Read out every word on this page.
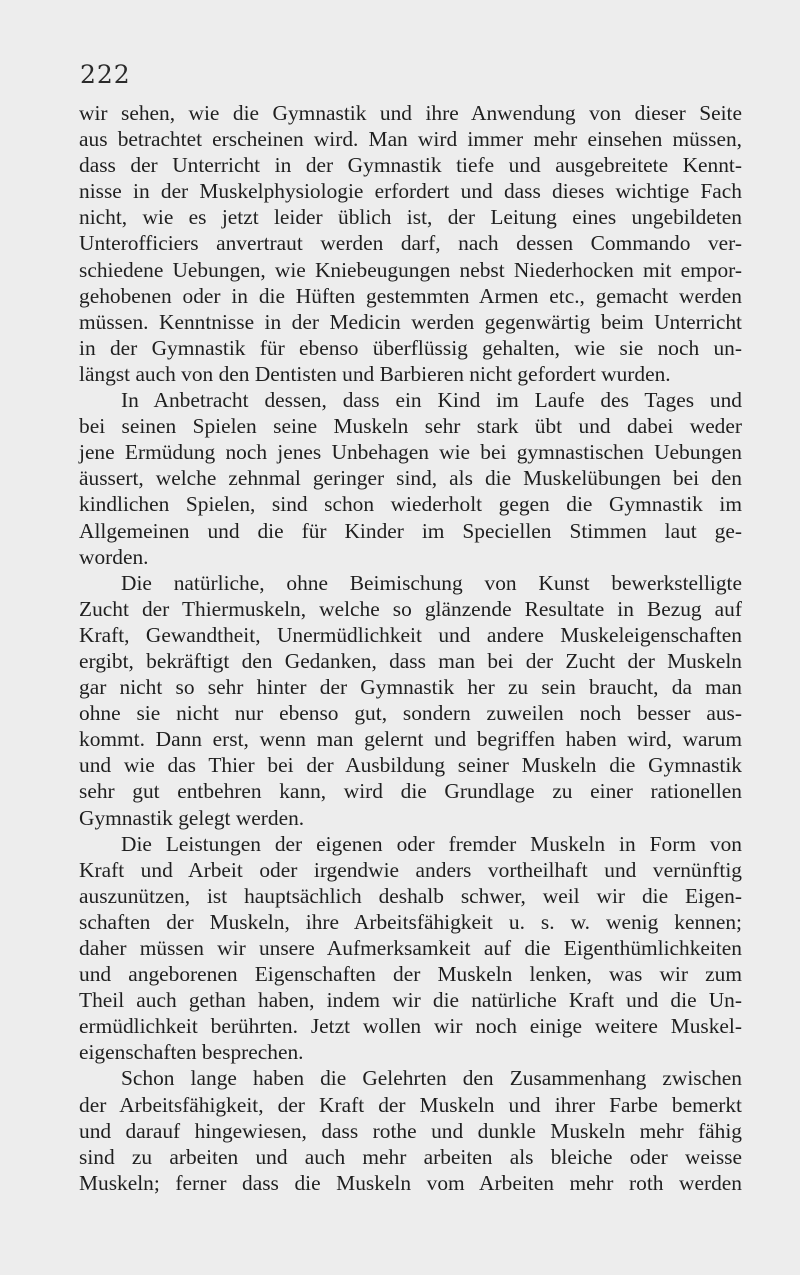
222
wir sehen, wie die Gymnastik und ihre Anwendung von dieser Seite
aus betrachtet erscheinen wird. Man wird immer mehr einsehen müssen,
dass der Unterricht in der Gymnastik tiefe und ausgebreitete Kennt-
nisse in der Muskelphysiologie erfordert und dass dieses wichtige Fach
nicht, wie es jetzt leider üblich ist, der Leitung eines ungebildeten
Unterofficiers anvertraut werden darf, nach dessen Commando ver-
schiedene Uebungen, wie Kniebeugungen nebst Niederhocken mit empor-
gehobenen oder in die Hüften gestemmten Armen etc., gemacht werden
müssen. Kenntnisse in der Medicin werden gegenwärtig beim Unterricht
in der Gymnastik für ebenso überflüssig gehalten, wie sie noch un-
längst auch von den Dentisten und Barbieren nicht gefordert wurden.
In Anbetracht dessen, dass ein Kind im Laufe des Tages und
bei seinen Spielen seine Muskeln sehr stark übt und dabei weder
jene Ermüdung noch jenes Unbehagen wie bei gymnastischen Uebungen
äussert, welche zehnmal geringer sind, als die Muskelübungen bei den
kindlichen Spielen, sind schon wiederholt gegen die Gymnastik im
Allgemeinen und die für Kinder im Speciellen Stimmen laut ge-
worden.
Die natürliche, ohne Beimischung von Kunst bewerkstelligte
Zucht der Thiermuskeln, welche so glänzende Resultate in Bezug auf
Kraft, Gewandtheit, Unermüdlichkeit und andere Muskeleigenschaften
ergibt, bekräftigt den Gedanken, dass man bei der Zucht der Muskeln
gar nicht so sehr hinter der Gymnastik her zu sein braucht, da man
ohne sie nicht nur ebenso gut, sondern zuweilen noch besser aus-
kommt. Dann erst, wenn man gelernt und begriffen haben wird, warum
und wie das Thier bei der Ausbildung seiner Muskeln die Gymnastik
sehr gut entbehren kann, wird die Grundlage zu einer rationellen
Gymnastik gelegt werden.
Die Leistungen der eigenen oder fremder Muskeln in Form von
Kraft und Arbeit oder irgendwie anders vortheilhaft und vernünftig
auszunützen, ist hauptsächlich deshalb schwer, weil wir die Eigen-
schaften der Muskeln, ihre Arbeitsfähigkeit u. s. w. wenig kennen;
daher müssen wir unsere Aufmerksamkeit auf die Eigenthümlichkeiten
und angeborenen Eigenschaften der Muskeln lenken, was wir zum
Theil auch gethan haben, indem wir die natürliche Kraft und die Un-
ermüdlichkeit berührten. Jetzt wollen wir noch einige weitere Muskel-
eigenschaften besprechen.
Schon lange haben die Gelehrten den Zusammenhang zwischen
der Arbeitsfähigkeit, der Kraft der Muskeln und ihrer Farbe bemerkt
und darauf hingewiesen, dass rothe und dunkle Muskeln mehr fähig
sind zu arbeiten und auch mehr arbeiten als bleiche oder weisse
Muskeln; ferner dass die Muskeln vom Arbeiten mehr roth werden
